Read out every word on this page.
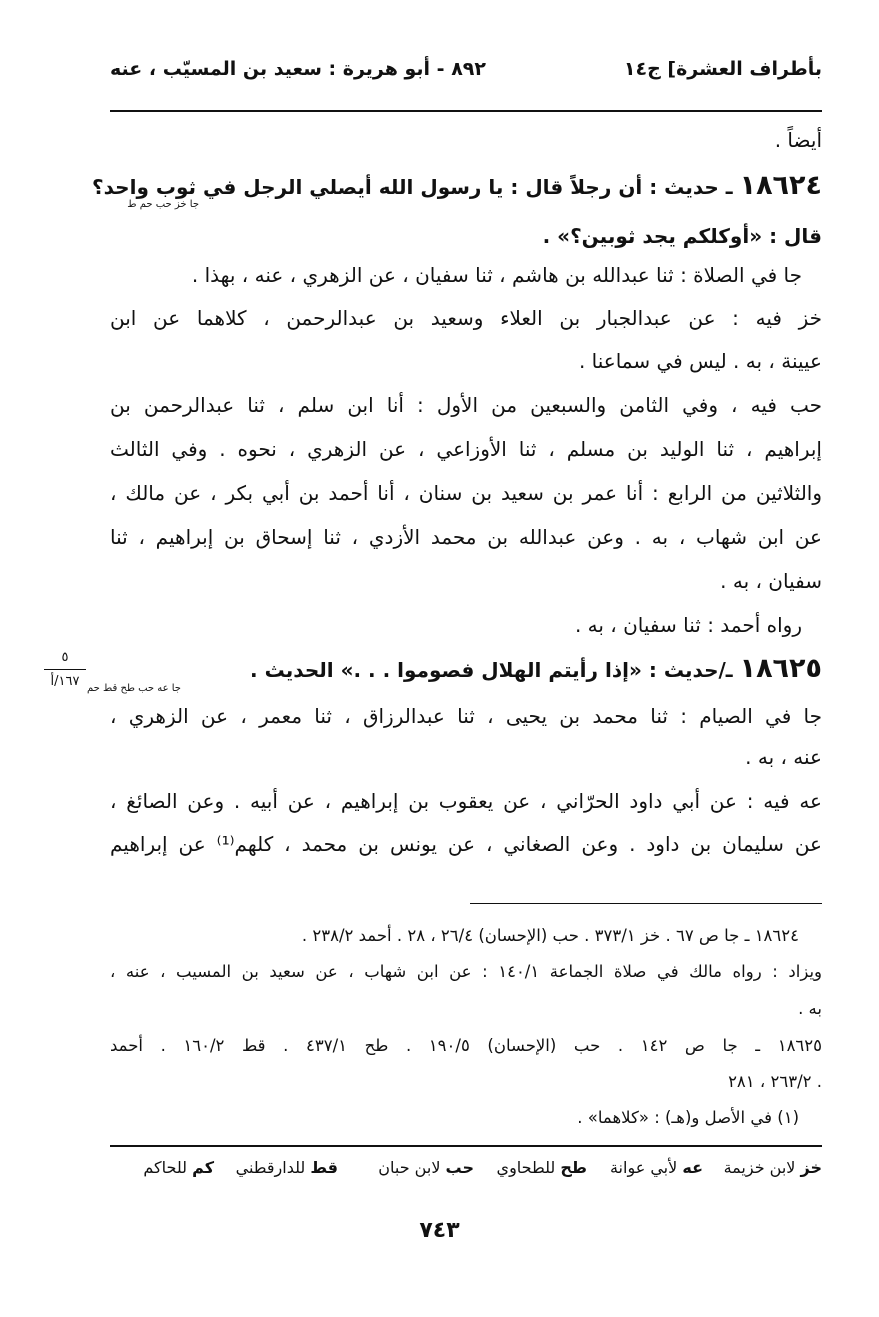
بأطراف العشرة] ج١٤
٨٩٢ - أبو هريرة : سعيد بن المسيّب ، عنه
أيضاً .
١٨٦٢٤ ـ حديث : أن رجلاً قال : يا رسول الله أيصلي الرجل في ثوب واحد؟
جا خز حب حم ط
قال : «أوكلكم يجد ثوبين؟» .
جا في الصلاة : ثنا عبدالله بن هاشم ، ثنا سفيان ، عن الزهري ، عنه ، بهذا .
خز فيه : عن عبدالجبار بن العلاء وسعيد بن عبدالرحمن ، كلاهما عن ابن
عيينة ، به . ليس في سماعنا .
حب فيه ، وفي الثامن والسبعين من الأول : أنا ابن سلم ، ثنا عبدالرحمن بن
إبراهيم ، ثنا الوليد بن مسلم ، ثنا الأوزاعي ، عن الزهري ، نحوه . وفي الثالث
والثلاثين من الرابع : أنا عمر بن سعيد بن سنان ، أنا أحمد بن أبي بكر ، عن مالك ،
عن ابن شهاب ، به . وعن عبدالله بن محمد الأزدي ، ثنا إسحاق بن إبراهيم ، ثنا
سفيان ، به .
رواه أحمد : ثنا سفيان ، به .
١٨٦٢٥ ـ/حديث : «إذا رأيتم الهلال فصوموا . . .» الحديث .
جا عه حب طح قط حم
٥
١٦٧/أ
جا في الصيام : ثنا محمد بن يحيى ، ثنا عبدالرزاق ، ثنا معمر ، عن الزهري ،
عنه ، به .
عه فيه : عن أبي داود الحرّاني ، عن يعقوب بن إبراهيم ، عن أبيه . وعن الصائغ ،
عن سليمان بن داود . وعن الصغاني ، عن يونس بن محمد ، كلهم⁽¹⁾ عن إبراهيم
١٨٦٢٤ ـ جا ص ٦٧ . خز ٣٧٣/١ . حب (الإحسان) ٢٦/٤ ، ٢٨ . أحمد ٢٣٨/٢ .
ويزاد : رواه مالك في صلاة الجماعة ١٤٠/١ : عن ابن شهاب ، عن سعيد بن المسيب ، عنه ،
به .
١٨٦٢٥ ـ جا ص ١٤٢ . حب (الإحسان) ١٩٠/٥ . طح ٤٣٧/١ . قط ١٦٠/٢ . أحمد
٢٦٣/٢ ، ٢٨١ .
(١) في الأصل و(هـ) : «كلاهما» .
خز لابن خزيمة
عه لأبي عوانة
طح للطحاوي
حب لابن حبان
قط للدارقطني
كم للحاكم
٧٤٣
